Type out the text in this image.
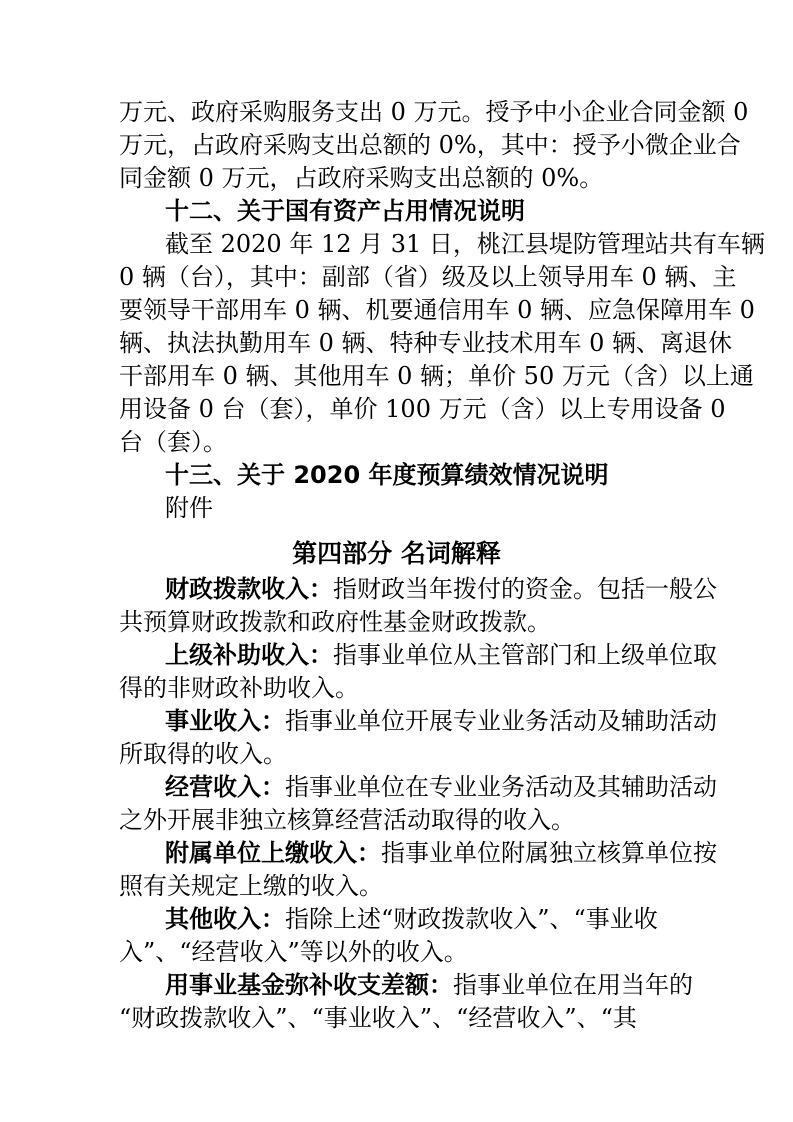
万元、政府采购服务支出 0 万元。授予中小企业合同金额 0
万元，占政府采购支出总额的 0%，其中：授予小微企业合
同金额 0 万元，占政府采购支出总额的 0%。
十二、关于国有资产占用情况说明
截至 2020 年 12 月 31 日，桃江县堤防管理站共有车辆
0 辆（台），其中：副部（省）级及以上领导用车 0 辆、主
要领导干部用车 0 辆、机要通信用车 0 辆、应急保障用车 0
辆、执法执勤用车 0 辆、特种专业技术用车 0 辆、离退休
干部用车 0 辆、其他用车 0 辆；单价 50 万元（含）以上通
用设备 0 台（套），单价 100 万元（含）以上专用设备 0
台（套）。
十三、关于 2020 年度预算绩效情况说明
附件
第四部分 名词解释
财政拨款收入：指财政当年拨付的资金。包括一般公
共预算财政拨款和政府性基金财政拨款。
上级补助收入：指事业单位从主管部门和上级单位取
得的非财政补助收入。
事业收入：指事业单位开展专业业务活动及辅助活动
所取得的收入。
经营收入：指事业单位在专业业务活动及其辅助活动
之外开展非独立核算经营活动取得的收入。
附属单位上缴收入：指事业单位附属独立核算单位按
照有关规定上缴的收入。
其他收入：指除上述“财政拨款收入”、“事业收
入”、“经营收入”等以外的收入。
用事业基金弥补收支差额：指事业单位在用当年的
“财政拨款收入”、“事业收入”、“经营收入”、“其
